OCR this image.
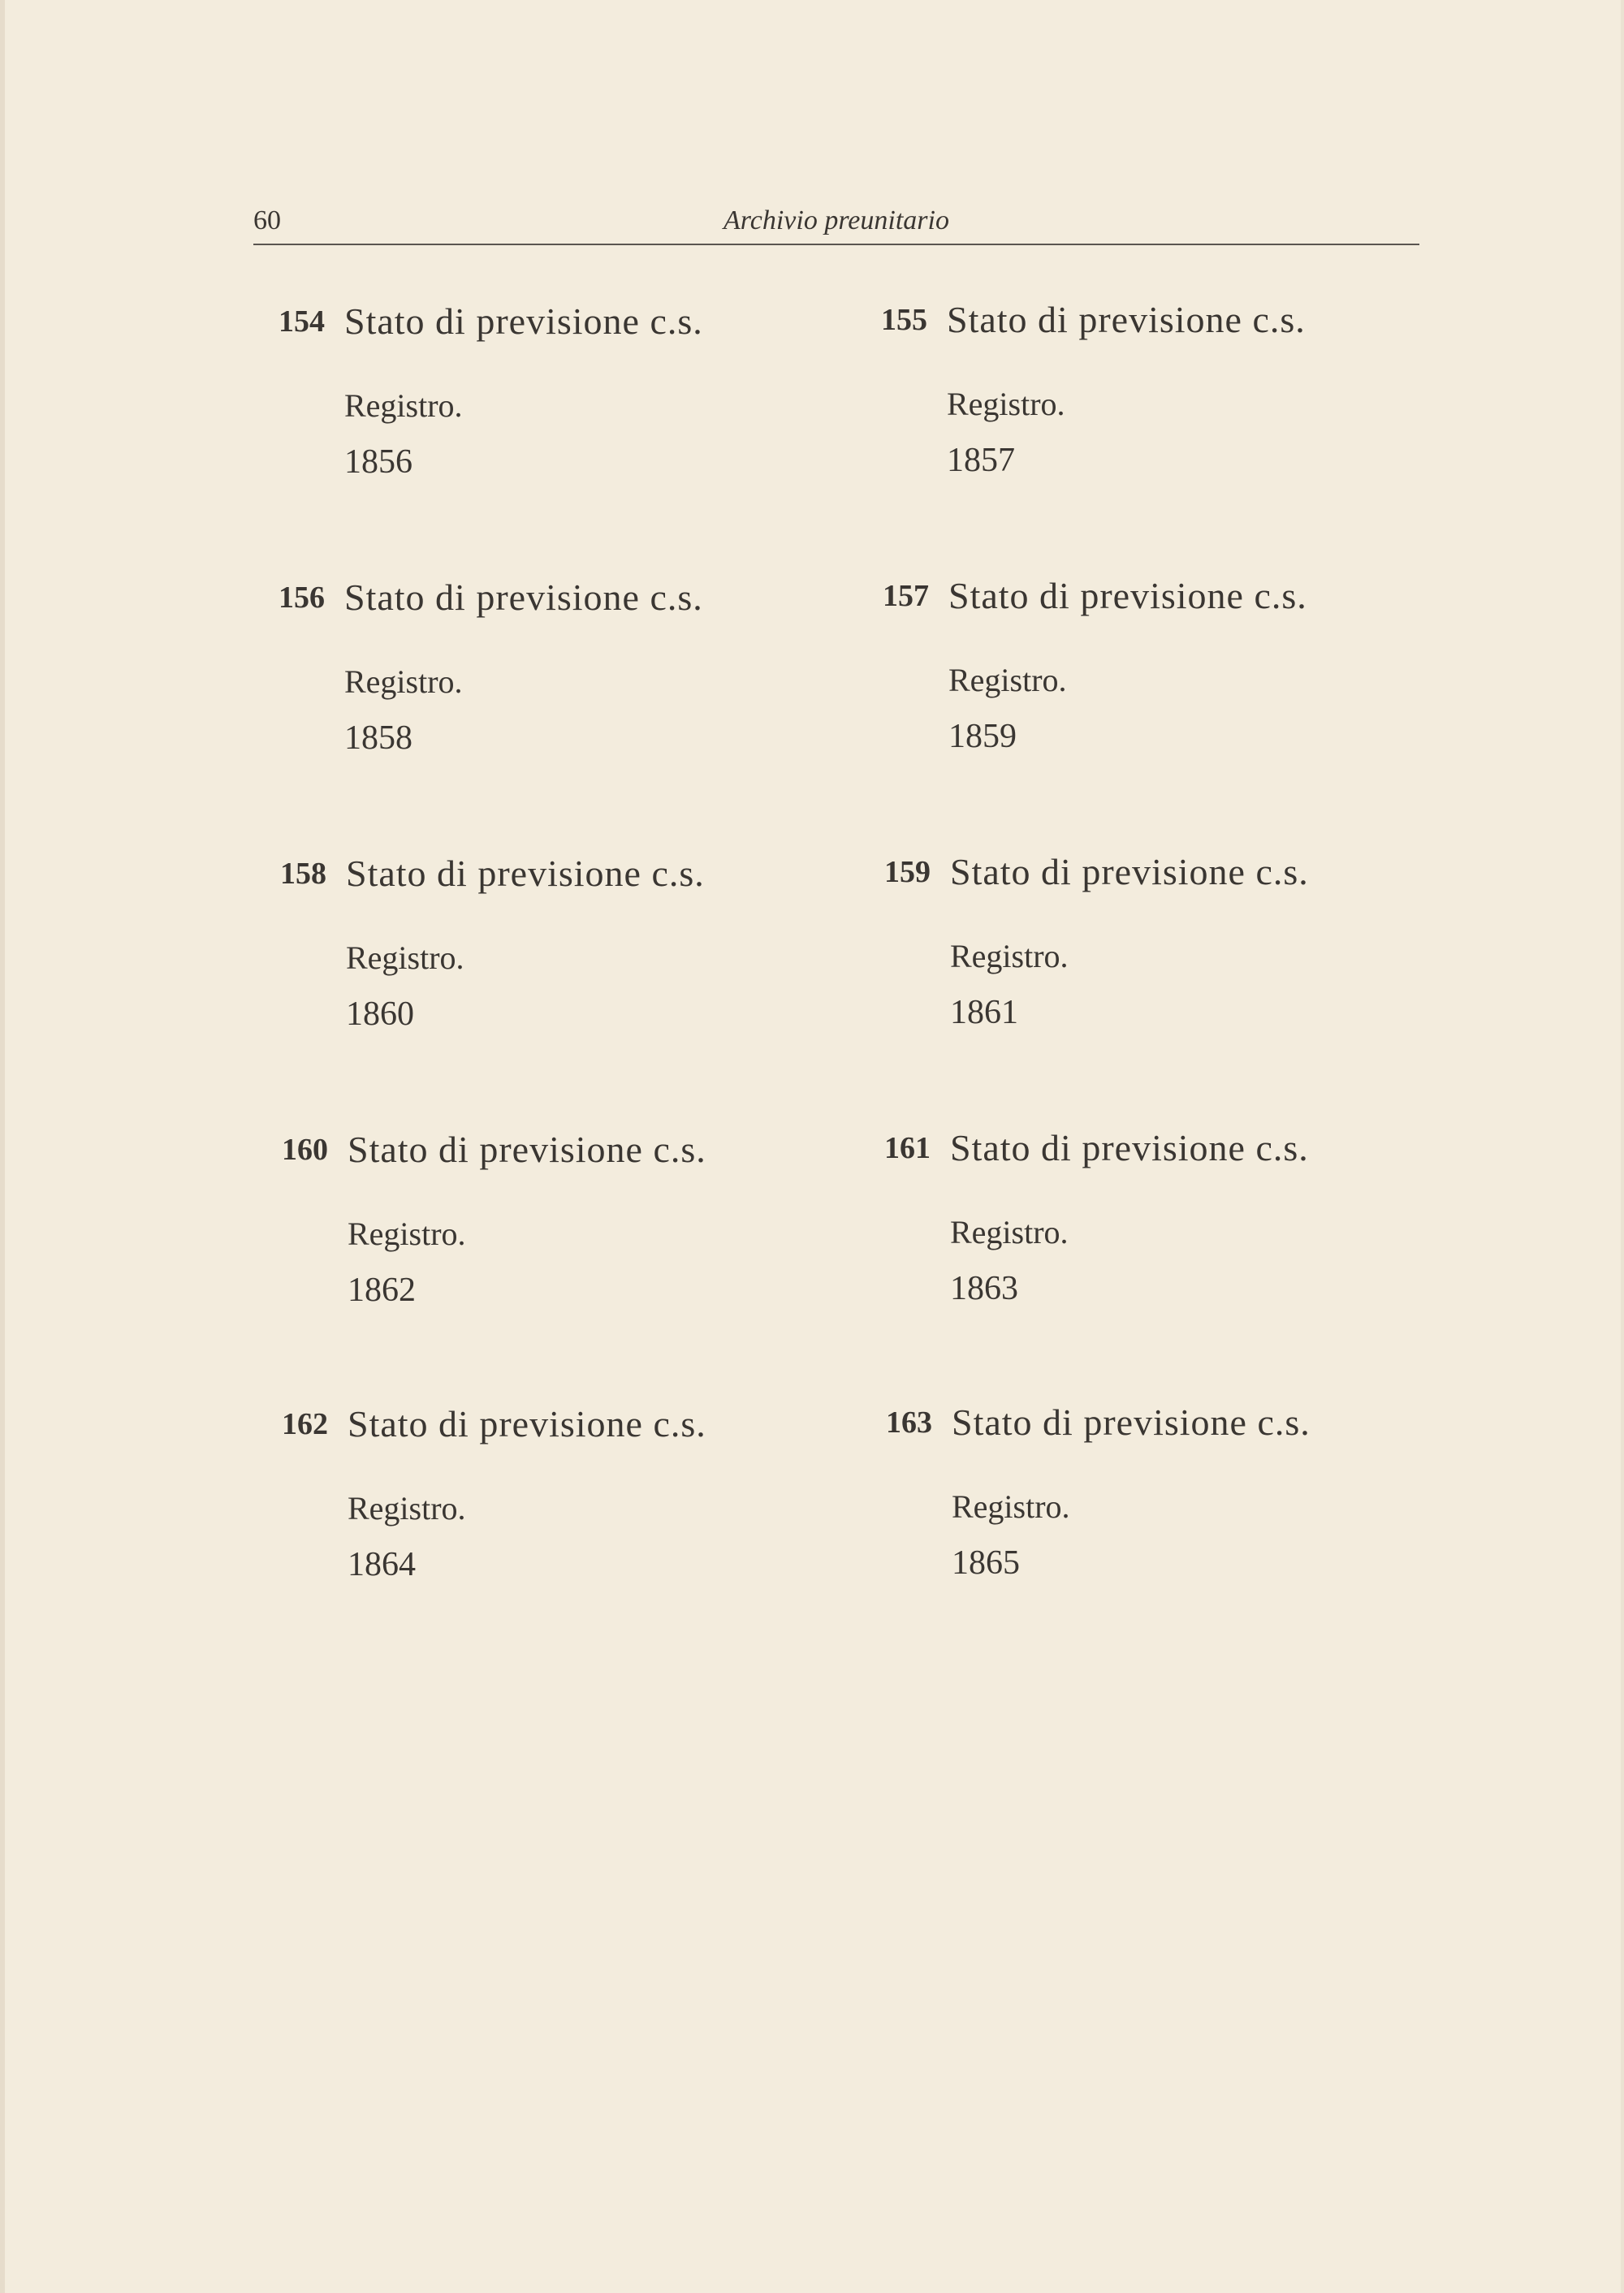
60	Archivio preunitario
154 Stato di previsione c.s.
Registro.
1856
155 Stato di previsione c.s.
Registro.
1857
156 Stato di previsione c.s.
Registro.
1858
157 Stato di previsione c.s.
Registro.
1859
158 Stato di previsione c.s.
Registro.
1860
159 Stato di previsione c.s.
Registro.
1861
160 Stato di previsione c.s.
Registro.
1862
161 Stato di previsione c.s.
Registro.
1863
162 Stato di previsione c.s.
Registro.
1864
163 Stato di previsione c.s.
Registro.
1865
